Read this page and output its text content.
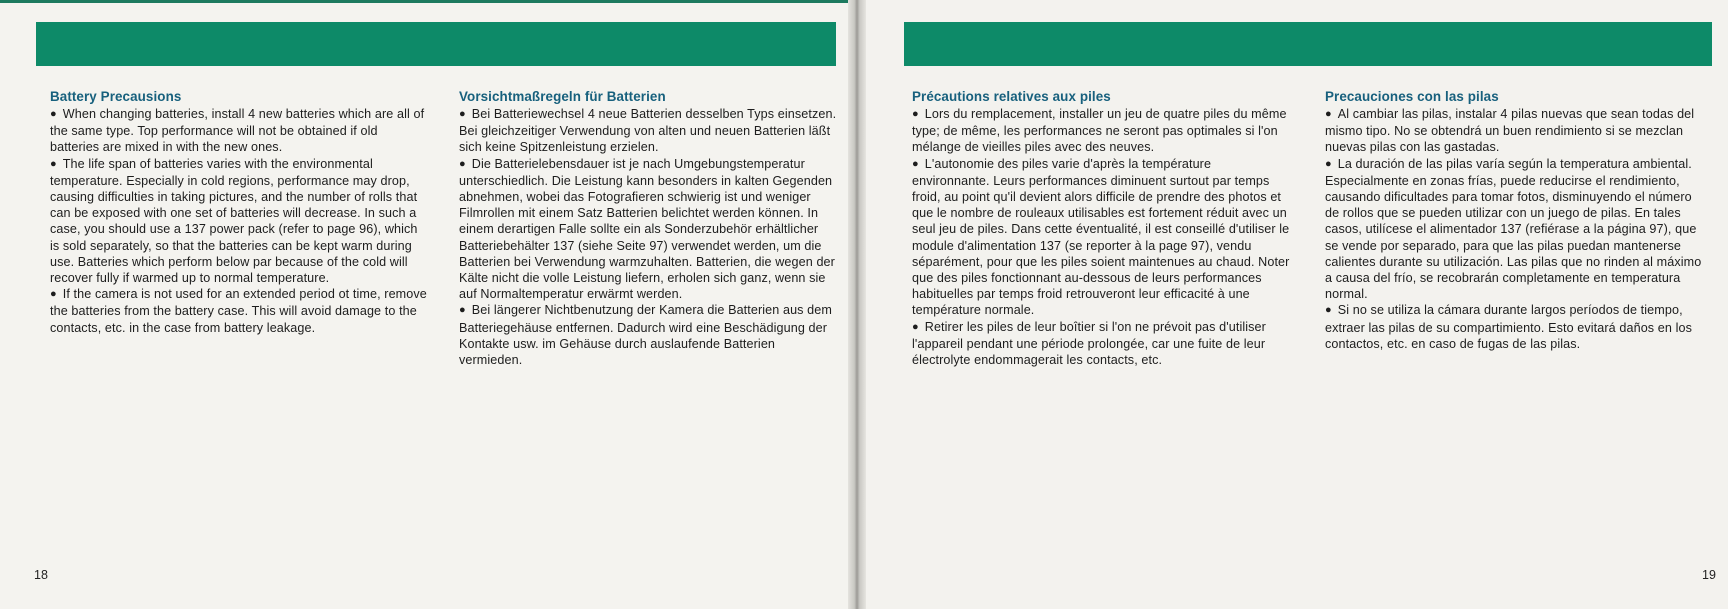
Battery Precausions

● When changing batteries, install 4 new batteries which are all of the same type. Top performance will not be obtained if old batteries are mixed in with the new ones.

● The life span of batteries varies with the environmental temperature. Especially in cold regions, performance may drop, causing difficulties in taking pictures, and the number of rolls that can be exposed with one set of batteries will decrease. In such a case, you should use a 137 power pack (refer to page 96), which is sold separately, so that the batteries can be kept warm during use. Batteries which perform below par because of the cold will recover fully if warmed up to normal temperature.

● If the camera is not used for an extended period ot time, remove the batteries from the battery case. This will avoid damage to the contacts, etc. in the case from battery leakage.

Vorsichtmaßregeln für Batterien

● Bei Batteriewechsel 4 neue Batterien desselben Typs einsetzen. Bei gleichzeitiger Verwendung von alten und neuen Batterien läßt sich keine Spitzenleistung erzielen.

● Die Batterielebensdauer ist je nach Umgebungstemperatur unterschiedlich. Die Leistung kann besonders in kalten Gegenden abnehmen, wobei das Fotografieren schwierig ist und weniger Filmrollen mit einem Satz Batterien belichtet werden können. In einem derartigen Falle sollte ein als Sonderzubehör erhältlicher Batteriebehälter 137 (siehe Seite 97) verwendet werden, um die Batterien bei Verwendung warmzuhalten. Batterien, die wegen der Kälte nicht die volle Leistung liefern, erholen sich ganz, wenn sie auf Normaltemperatur erwärmt werden.

● Bei längerer Nichtbenutzung der Kamera die Batterien aus dem Batteriegehäuse entfernen. Dadurch wird eine Beschädigung der Kontakte usw. im Gehäuse durch auslaufende Batterien vermieden.

Précautions relatives aux piles

● Lors du remplacement, installer un jeu de quatre piles du même type; de même, les performances ne seront pas optimales si l'on mélange de vieilles piles avec des neuves.

● L'autonomie des piles varie d'après la température environnante. Leurs performances diminuent surtout par temps froid, au point qu'il devient alors difficile de prendre des photos et que le nombre de rouleaux utilisables est fortement réduit avec un seul jeu de piles. Dans cette éventualité, il est conseillé d'utiliser le module d'alimentation 137 (se reporter à la page 97), vendu séparément, pour que les piles soient maintenues au chaud. Noter que des piles fonctionnant au-dessous de leurs performances habituelles par temps froid retrouveront leur efficacité à une température normale.

● Retirer les piles de leur boîtier si l'on ne prévoit pas d'utiliser l'appareil pendant une période prolongée, car une fuite de leur électrolyte endommagerait les contacts, etc.

Precauciones con las pilas

● Al cambiar las pilas, instalar 4 pilas nuevas que sean todas del mismo tipo. No se obtendrá un buen rendimiento si se mezclan nuevas pilas con las gastadas.

● La duración de las pilas varía según la temperatura ambiental. Especialmente en zonas frías, puede reducirse el rendimiento, causando dificultades para tomar fotos, disminuyendo el número de rollos que se pueden utilizar con un juego de pilas. En tales casos, utilícese el alimentador 137 (refiérase a la página 97), que se vende por separado, para que las pilas puedan mantenerse calientes durante su utilización. Las pilas que no rinden al máximo a causa del frío, se recobrarán completamente en temperatura normal.

● Si no se utiliza la cámara durante largos períodos de tiempo, extraer las pilas de su compartimiento. Esto evitará daños en los contactos, etc. en caso de fugas de las pilas.

18	19
